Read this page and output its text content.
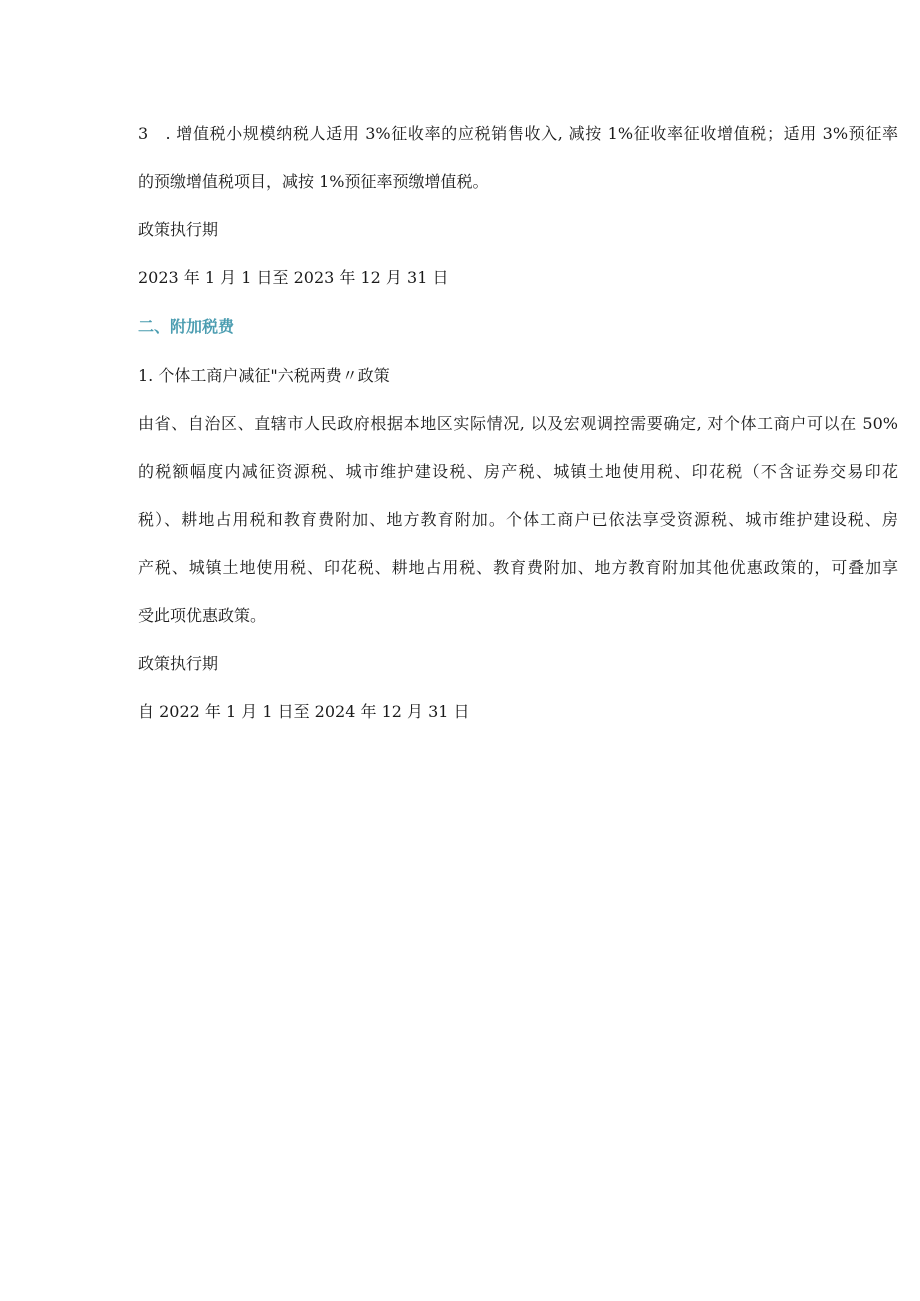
3　. 增值税小规模纳税人适用 3%征收率的应税销售收入, 减按 1%征收率征收增值税；适用 3%预征率
的预缴增值税项目，减按 1%预征率预缴增值税。
政策执行期
2023 年 1 月 1 日至 2023 年 12 月 31 日
二、附加税费
1. 个体工商户减征"六税两费〃政策
由省、自治区、直辖市人民政府根据本地区实际情况, 以及宏观调控需要确定, 对个体工商户可以在 50%
的税额幅度内减征资源税、城市维护建设税、房产税、城镇土地使用税、印花税（不含证券交易印花
税）、耕地占用税和教育费附加、地方教育附加。个体工商户已依法享受资源税、城市维护建设税、房
产税、城镇土地使用税、印花税、耕地占用税、教育费附加、地方教育附加其他优惠政策的，可叠加享
受此项优惠政策。
政策执行期
自 2022 年 1 月 1 日至 2024 年 12 月 31 日
